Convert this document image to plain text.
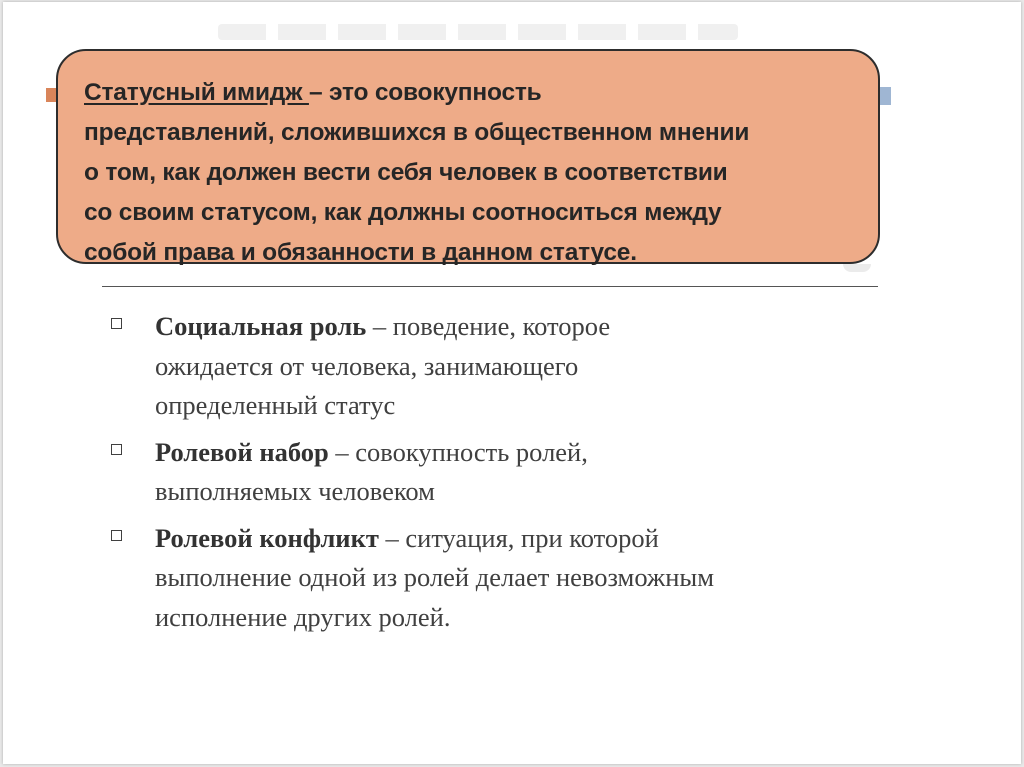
Статусный имидж – это совокупность
представлений, сложившихся в общественном мнении
о том, как должен вести себя человек в соответствии
со своим статусом, как должны соотноситься между
собой права и обязанности в данном статусе.
Социальная роль – поведение, которое
ожидается от человека, занимающего
определенный статус
Ролевой набор – совокупность ролей,
выполняемых человеком
Ролевой конфликт – ситуация, при которой
выполнение одной из ролей делает невозможным
исполнение других ролей.
